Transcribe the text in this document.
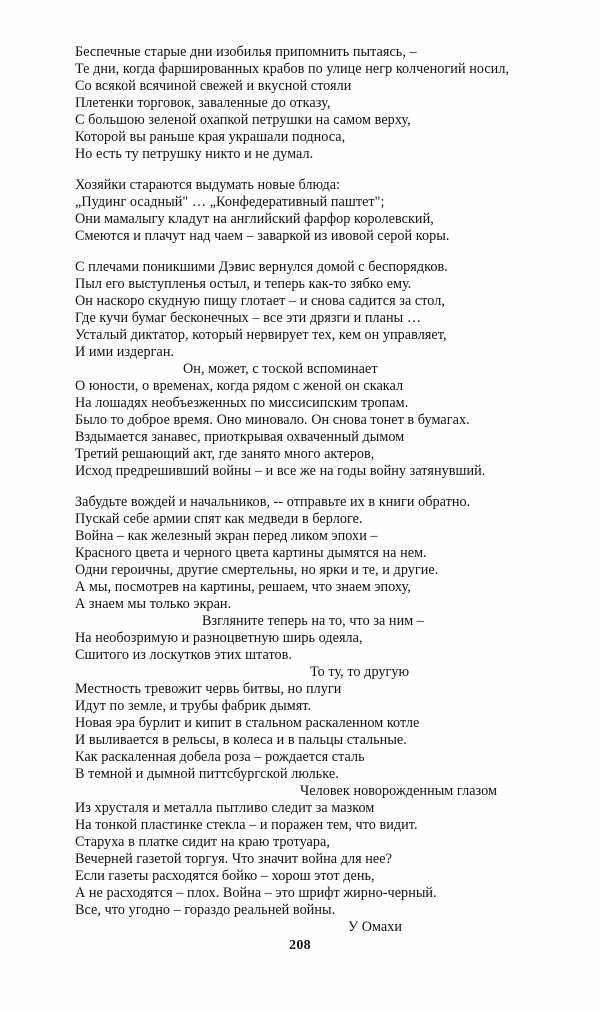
Беспечные старые дни изобилья припомнить пытаясь, –
Те дни, когда фаршированных крабов по улице негр колченогий носил,
Со всякой всячиной свежей и вкусной стояли
Плетенки торговок, заваленные до отказу,
С большою зеленой охапкой петрушки на самом верху,
Которой вы раньше края украшали подноса,
Но есть ту петрушку никто и не думал.
Хозяйки стараются выдумать новые блюда:
„Пудинг осадный" … „Конфедеративный паштет";
Они мамалыгу кладут на английский фарфор королевский,
Смеются и плачут над чаем – заваркой из ивовой серой коры.
С плечами поникшими Дэвис вернулся домой с беспорядков.
Пыл его выступленья остыл, и теперь как-то зябко ему.
Он наскоро скудную пищу глотает – и снова садится за стол,
Где кучи бумаг бесконечных – все эти дрязги и планы …
Усталый диктатор, который нервирует тех, кем он управляет,
И ими издерган.
Он, может, с тоской вспоминает
О юности, о временах, когда рядом с женой он скакал
На лошадях необъезженных по миссисипским тропам.
Было то доброе время. Оно миновало. Он снова тонет в бумагах.
Вздымается занавес, приоткрывая охваченный дымом
Третий решающий акт, где занято много актеров,
Исход предрешивший войны – и все же на годы войну затянувший.
Забудьте вождей и начальников, -- отправьте их в книги обратно.
Пускай себе армии спят как медведи в берлоге.
Война – как железный экран перед ликом эпохи –
Красного цвета и черного цвета картины дымятся на нем.
Одни героичны, другие смертельны, но ярки и те, и другие.
А мы, посмотрев на картины, решаем, что знаем эпоху,
А знаем мы только экран.
Взгляните теперь на то, что за ним –
На необозримую и разноцветную ширь одеяла,
Сшитого из лоскутков этих штатов.
То ту, то другую
Местность тревожит червь битвы, но плуги
Идут по земле, и трубы фабрик дымят.
Новая эра бурлит и кипит в стальном раскаленном котле
И выливается в рельсы, в колеса и в пальцы стальные.
Как раскаленная добела роза – рождается сталь
В темной и дымной питтсбургской люльке.
Человек новорожденным глазом
Из хрусталя и металла пытливо следит за мазком
На тонкой пластинке стекла – и поражен тем, что видит.
Старуха в платке сидит на краю тротуара,
Вечерней газетой торгуя. Что значит война для нее?
Если газеты расходятся бойко – хорош этот день,
А не расходятся – плох. Война – это шрифт жирно-черный.
Все, что угодно – гораздо реальней войны.
У Омахи
208
